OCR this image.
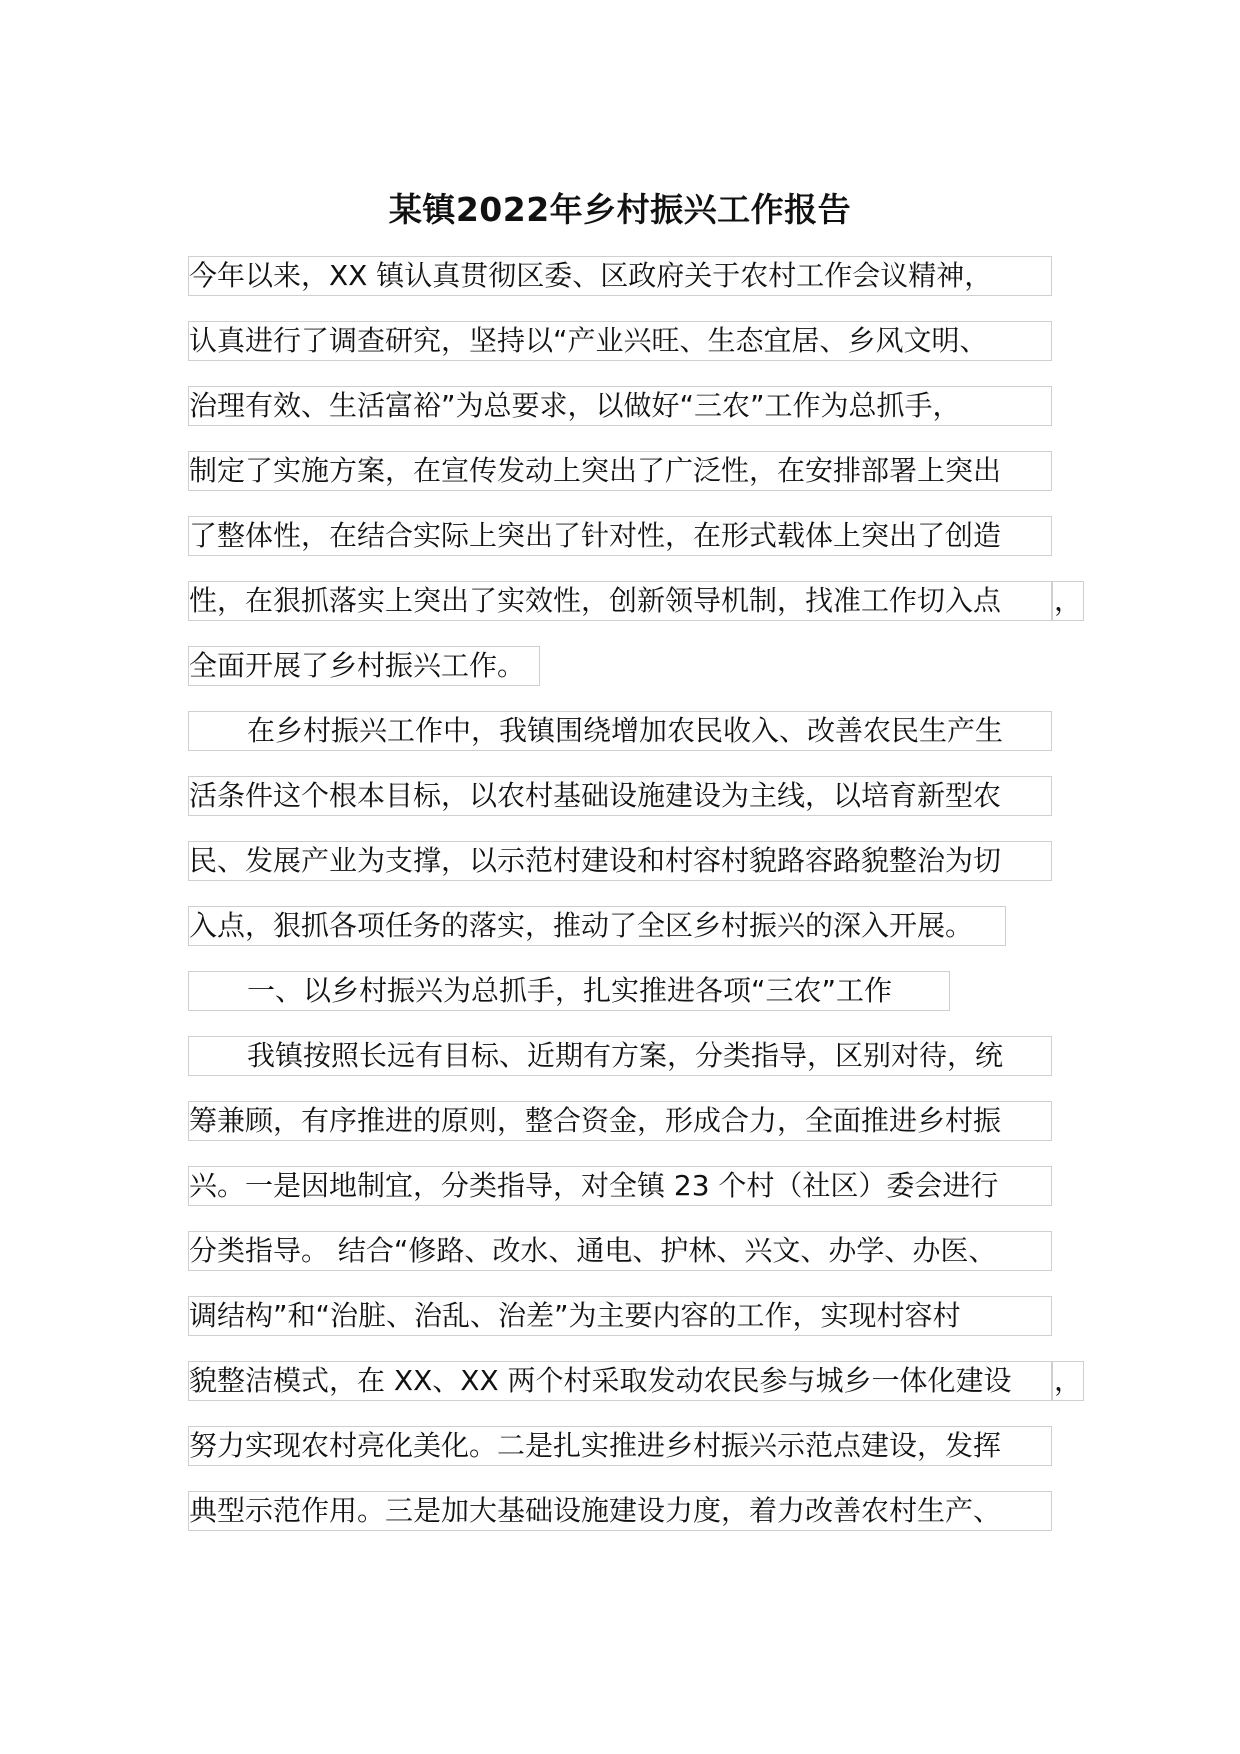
某镇2022年乡村振兴工作报告
今年以来，XX 镇认真贯彻区委、区政府关于农村工作会议精神，
认真进行了调查研究，坚持以“产业兴旺、生态宜居、乡风文明、
治理有效、生活富裕”为总要求，以做好“三农”工作为总抓手，
制定了实施方案，在宣传发动上突出了广泛性，在安排部署上突出
了整体性，在结合实际上突出了针对性，在形式载体上突出了创造
性，在狠抓落实上突出了实效性，创新领导机制，找准工作切入点	，
全面开展了乡村振兴工作。
在乡村振兴工作中，我镇围绕增加农民收入、改善农民生产生
活条件这个根本目标，以农村基础设施建设为主线，以培育新型农
民、发展产业为支撑，以示范村建设和村容村貌路容路貌整治为切
入点，狠抓各项任务的落实，推动了全区乡村振兴的深入开展。
一、以乡村振兴为总抓手，扎实推进各项“三农”工作
我镇按照长远有目标、近期有方案，分类指导，区别对待，统
筹兼顾，有序推进的原则，整合资金，形成合力，全面推进乡村振
兴。一是因地制宜，分类指导，对全镇 23 个村（社区）委会进行
分类指导。 结合“修路、改水、通电、护林、兴文、办学、办医、
调结构”和“治脏、治乱、治差”为主要内容的工作，实现村容村
貌整洁模式，在 XX、XX 两个村采取发动农民参与城乡一体化建设	，
努力实现农村亮化美化。二是扎实推进乡村振兴示范点建设，发挥
典型示范作用。三是加大基础设施建设力度，着力改善农村生产、
